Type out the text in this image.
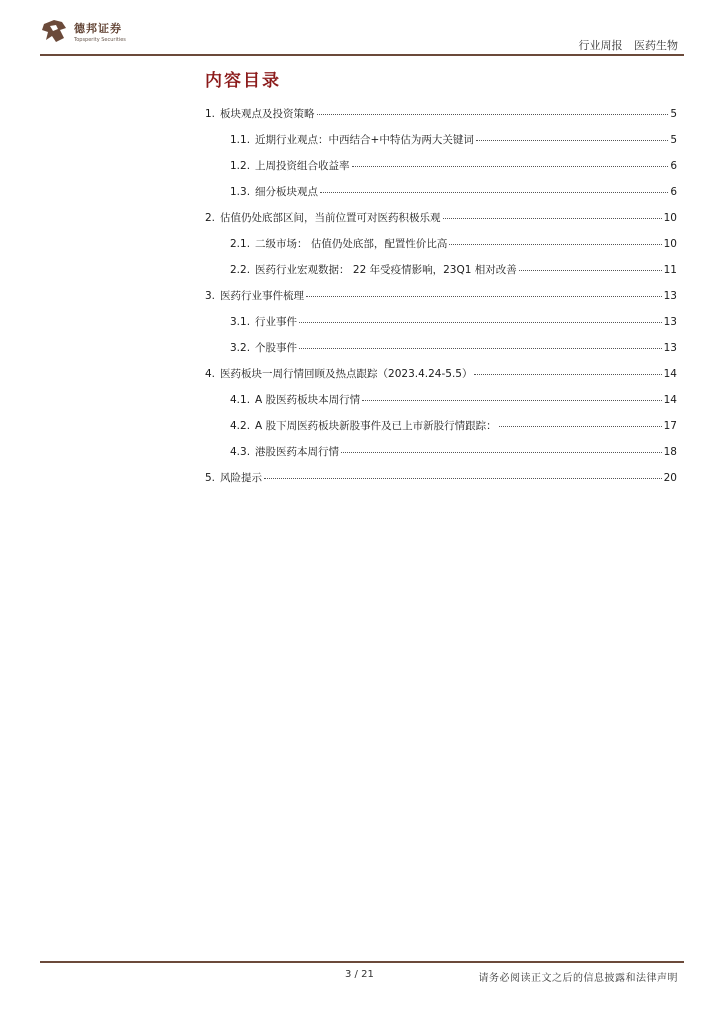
德邦证券
Topsperity Securities	行业周报 医药生物
内容目录
1. 板块观点及投资策略	5
1.1. 近期行业观点：中西结合+中特估为两大关键词	5
1.2. 上周投资组合收益率	6
1.3. 细分板块观点	6
2. 估值仍处底部区间，当前位置可对医药积极乐观	10
2.1. 二级市场： 估值仍处底部，配置性价比高	10
2.2. 医药行业宏观数据： 22 年受疫情影响，23Q1 相对改善	11
3. 医药行业事件梳理	13
3.1. 行业事件	13
3.2. 个股事件	13
4. 医药板块一周行情回顾及热点跟踪（2023.4.24-5.5）	14
4.1. A 股医药板块本周行情	14
4.2. A 股下周医药板块新股事件及已上市新股行情跟踪：	17
4.3. 港股医药本周行情	18
5. 风险提示	20
3 / 21	请务必阅读正文之后的信息披露和法律声明
